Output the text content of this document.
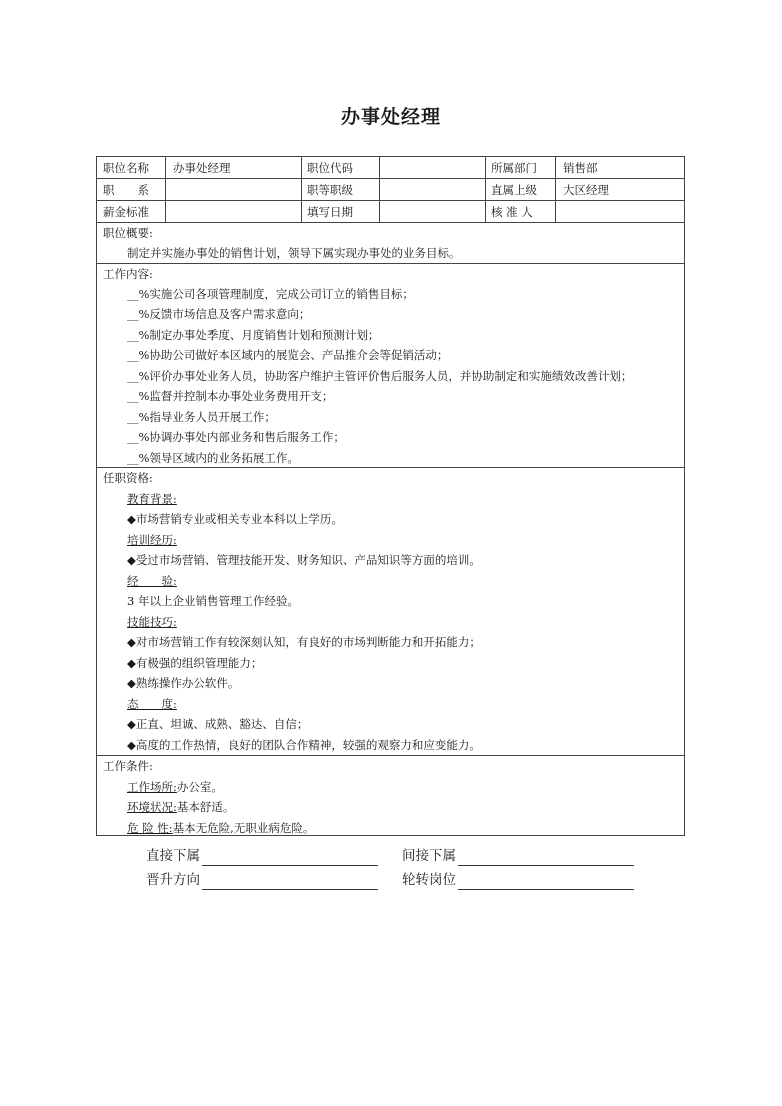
办事处经理
职位名称 办事处经理	职位代码	所属部门 销售部
职　　系	职等职级	直属上级 大区经理
薪金标准	填写日期	核 准 人
职位概要:
制定并实施办事处的销售计划，领导下属实现办事处的业务目标。
工作内容:
__%实施公司各项管理制度，完成公司订立的销售目标；
__%反馈市场信息及客户需求意向；
__%制定办事处季度、月度销售计划和预测计划；
__%协助公司做好本区域内的展览会、产品推介会等促销活动；
__%评价办事处业务人员，协助客户维护主管评价售后服务人员，并协助制定和实施绩效改善计划；
__%监督并控制本办事处业务费用开支；
__%指导业务人员开展工作；
__%协调办事处内部业务和售后服务工作；
__%领导区域内的业务拓展工作。
任职资格:
教育背景:
◆市场营销专业或相关专业本科以上学历。
培训经历:
◆受过市场营销、管理技能开发、财务知识、产品知识等方面的培训。
经　　验:
3 年以上企业销售管理工作经验。
技能技巧:
◆对市场营销工作有较深刻认知，有良好的市场判断能力和开拓能力；
◆有极强的组织管理能力；
◆熟练操作办公软件。
态　　度:
◆正直、坦诚、成熟、豁达、自信；
◆高度的工作热情，良好的团队合作精神，较强的观察力和应变能力。
工作条件:
工作场所:办公室。
环境状况:基本舒适。
危 险 性:基本无危险,无职业病危险。
直接下属	间接下属
晋升方向	轮转岗位
